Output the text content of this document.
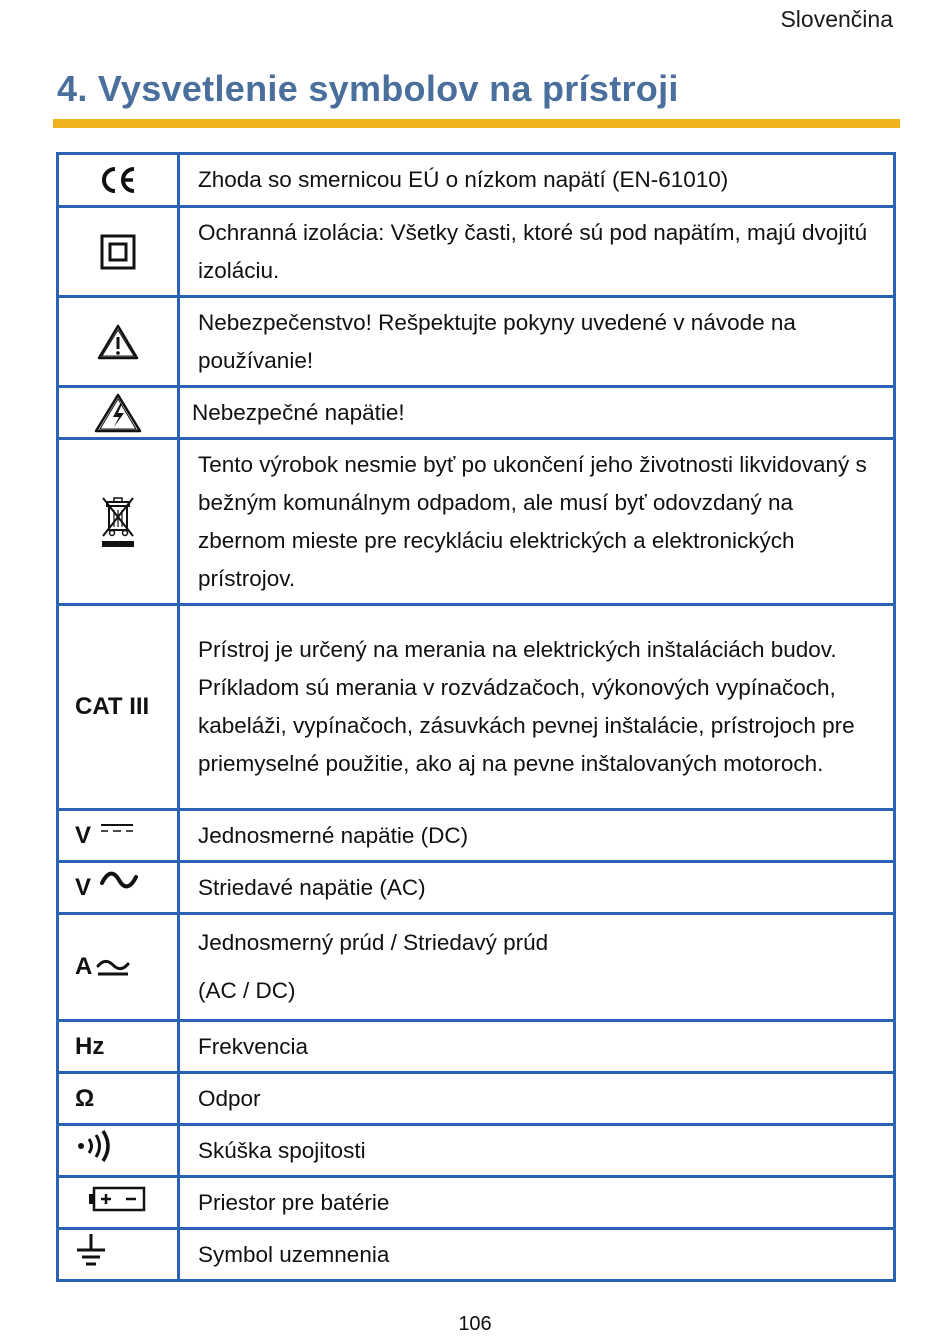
Slovenčina
4. Vysvetlenie symbolov na prístroji
	Zhoda so smernicou EÚ o nízkom napätí (EN-61010)

	Ochranná izolácia: Všetky časti, ktoré sú pod napätím, majú dvojitú izoláciu.

	Nebezpečenstvo! Rešpektujte pokyny uvedené v návode na používanie!

	Nebezpečné napätie!

	Tento výrobok nesmie byť po ukončení jeho životnosti likvidovaný s bežným komunálnym odpadom, ale musí byť odovzdaný na zbernom mieste pre recykláciu elektrických a elektronických prístrojov.

CAT III	Prístroj je určený na merania na elektrických inštaláciách budov. Príkladom sú merania v rozvádzačoch, výkonových vypínačoch, kabeláži, vypínačoch, zásuvkách pevnej inštalácie, prístrojoch pre priemyselné použitie, ako aj na pevne inštalovaných motoroch.

V	Jednosmerné napätie (DC)

V	Striedavé napätie (AC)

A	Jednosmerný prúd / Striedavý prúd
(AC / DC)

Hz	Frekvencia

Ω	Odpor

	Skúška spojitosti

	Priestor pre batérie

	Symbol uzemnenia
106
